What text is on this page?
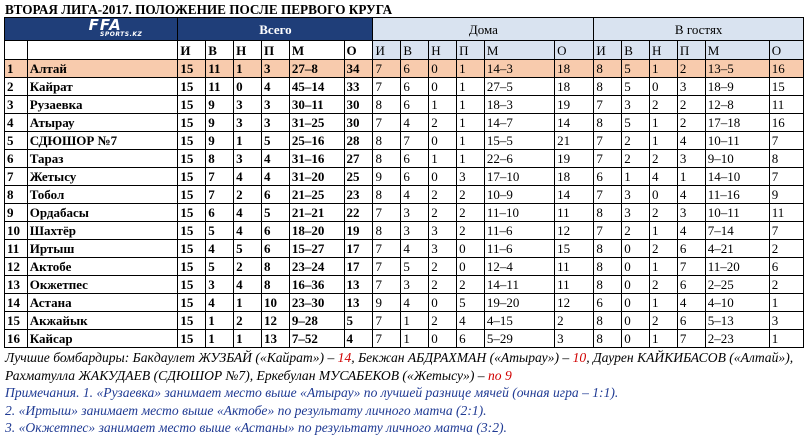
ВТОРАЯ ЛИГА-2017. ПОЛОЖЕНИЕ ПОСЛЕ ПЕРВОГО КРУГА
FFA
SPORTS.KZ		Всего						Дома						В гостях					
		И	В	Н	П	М	О	И	В	Н	П	М	О	И	В	Н	П	М	О
1	Алтай	15	11	1	3	27–8	34	7	6	0	1	14–3	18	8	5	1	2	13–5	16
2	Кайрат	15	11	0	4	45–14	33	7	6	0	1	27–5	18	8	5	0	3	18–9	15
3	Рузаевка	15	9	3	3	30–11	30	8	6	1	1	18–3	19	7	3	2	2	12–8	11
4	Атырау	15	9	3	3	31–25	30	7	4	2	1	14–7	14	8	5	1	2	17–18	16
5	СДЮШОР №7	15	9	1	5	25–16	28	8	7	0	1	15–5	21	7	2	1	4	10–11	7
6	Тараз	15	8	3	4	31–16	27	8	6	1	1	22–6	19	7	2	2	3	9–10	8
7	Жетысу	15	7	4	4	31–20	25	9	6	0	3	17–10	18	6	1	4	1	14–10	7
8	Тобол	15	7	2	6	21–25	23	8	4	2	2	10–9	14	7	3	0	4	11–16	9
9	Ордабасы	15	6	4	5	21–21	22	7	3	2	2	11–10	11	8	3	2	3	10–11	11
10	Шахтёр	15	5	4	6	18–20	19	8	3	3	2	11–6	12	7	2	1	4	7–14	7
11	Иртыш	15	4	5	6	15–27	17	7	4	3	0	11–6	15	8	0	2	6	4–21	2
12	Актобе	15	5	2	8	23–24	17	7	5	2	0	12–4	11	8	0	1	7	11–20	6
13	Окжетпес	15	3	4	8	16–36	13	7	3	2	2	14–11	11	8	0	2	6	2–25	2
14	Астана	15	4	1	10	23–30	13	9	4	0	5	19–20	12	6	0	1	4	4–10	1
15	Акжайык	15	1	2	12	9–28	5	7	1	2	4	4–15	2	8	0	2	6	5–13	3
16	Кайсар	15	1	1	13	7–52	4	7	1	0	6	5–29	3	8	0	1	7	2–23	1

Лучшие бомбардиры: Бакдаулет ЖУЗБАЙ («Кайрат») – 14, Бекжан АБДРАХМАН («Атырау») – 10, Даурен КАЙКИБАСОВ («Алтай»), Рахматулла ЖАКУДАЕВ (СДЮШОР №7), Еркебулан МУСАБЕКОВ («Жетысу») – по 9

Примечания. 1. «Рузаевка» занимает место выше «Атырау» по лучшей разнице мячей (очная игра – 1:1).

2. «Иртыш» занимает место выше «Актобе» по результату личного матча (2:1).

3. «Окжетпес» занимает место выше «Астаны» по результату личного матча (3:2).
